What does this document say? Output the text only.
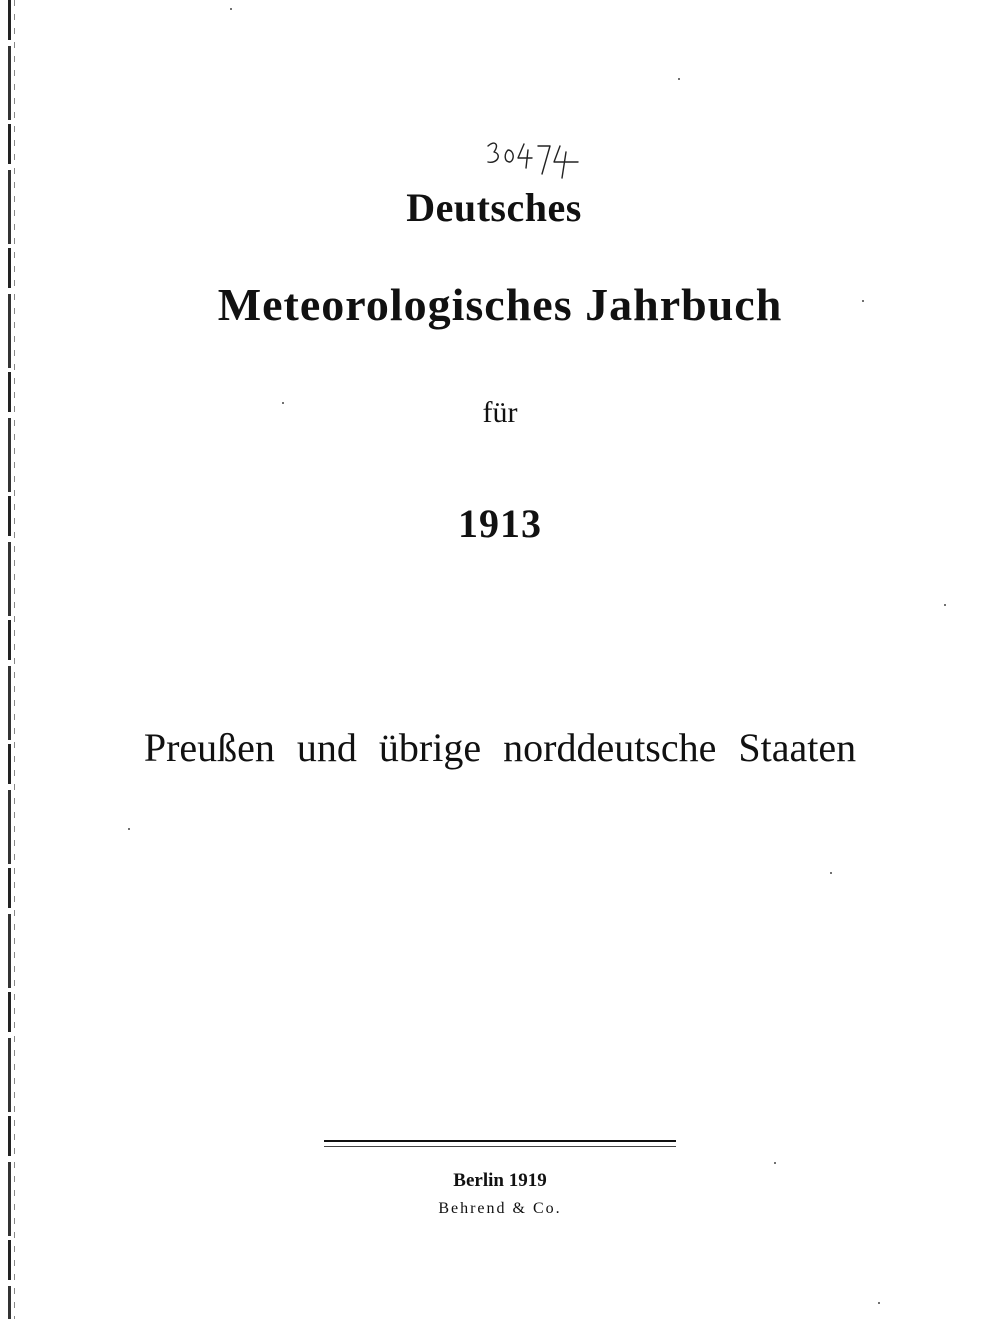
Deutsches
Meteorologisches Jahrbuch
für
1913
Preußen und übrige norddeutsche Staaten
Berlin 1919
Behrend & Co.
